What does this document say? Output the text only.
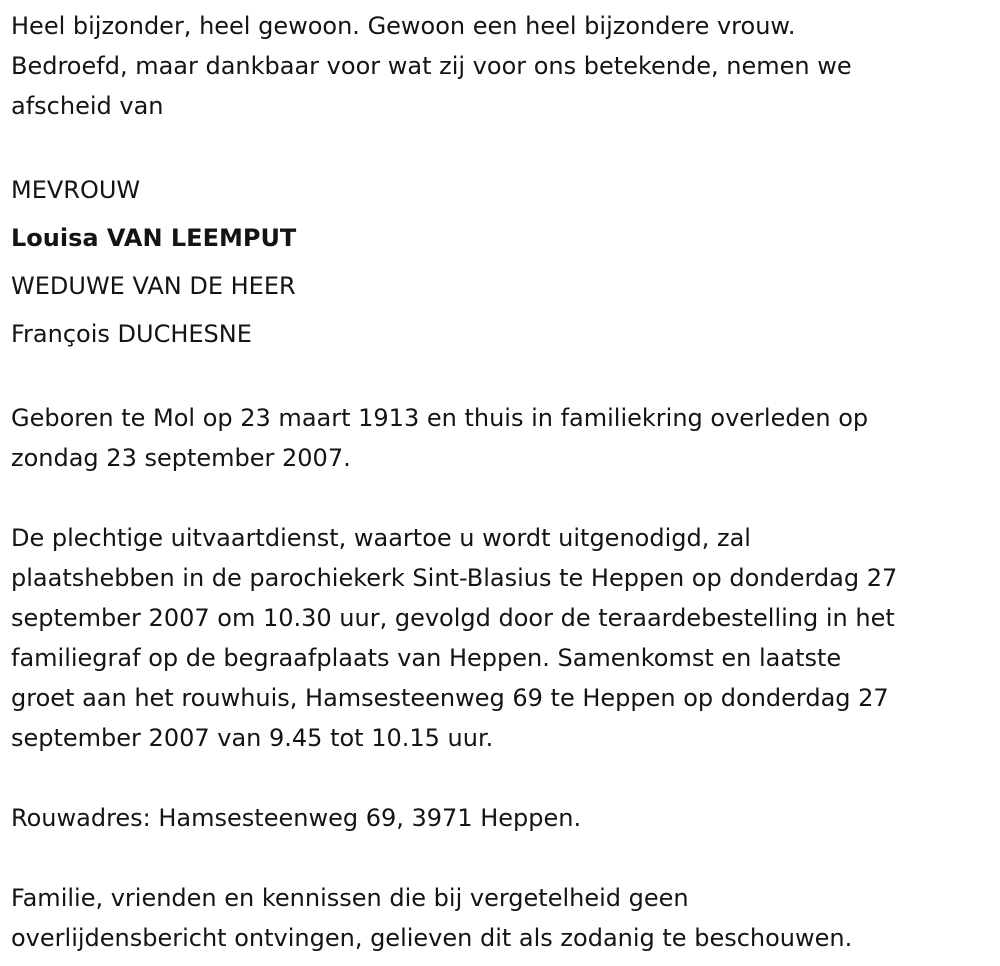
Heel bijzonder, heel gewoon. Gewoon een heel bijzondere vrouw.

Bedroefd, maar dankbaar voor wat zij voor ons betekende, nemen we

afscheid van

MEVROUW

Louisa VAN LEEMPUT

WEDUWE VAN DE HEER

François DUCHESNE

Geboren te Mol op 23 maart 1913 en thuis in familiekring overleden op

zondag 23 september 2007.

De plechtige uitvaartdienst, waartoe u wordt uitgenodigd, zal

plaatshebben in de parochiekerk Sint-Blasius te Heppen op donderdag 27

september 2007 om 10.30 uur, gevolgd door de teraardebestelling in het

familiegraf op de begraafplaats van Heppen. Samenkomst en laatste

groet aan het rouwhuis, Hamsesteenweg 69 te Heppen op donderdag 27

september 2007 van 9.45 tot 10.15 uur.

Rouwadres: Hamsesteenweg 69, 3971 Heppen.

Familie, vrienden en kennissen die bij vergetelheid geen

overlijdensbericht ontvingen, gelieven dit als zodanig te beschouwen.
